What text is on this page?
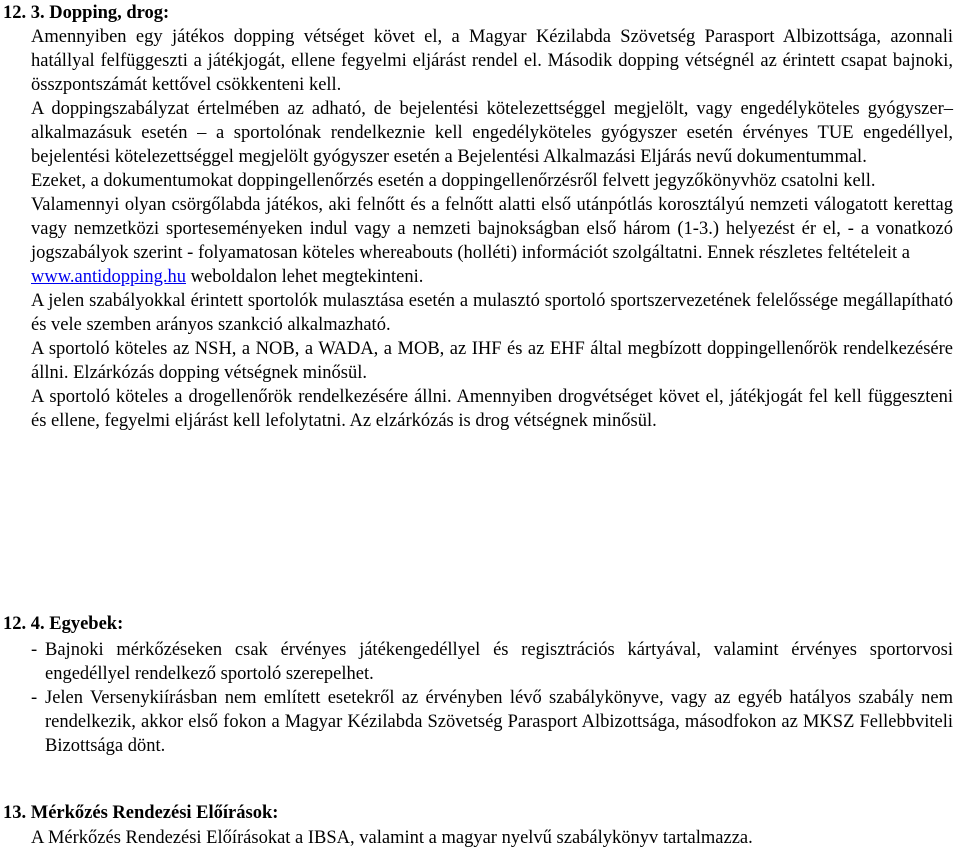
12. 3. Dopping, drog:

Amennyiben egy játékos dopping vétséget követ el, a Magyar Kézilabda Szövetség Parasport Albizottsága, azonnali hatállyal felfüggeszti a játékjogát, ellene fegyelmi eljárást rendel el. Második dopping vétségnél az érintett csapat bajnoki, összpontszámát kettővel csökkenteni kell.

A doppingszabályzat értelmében az adható, de bejelentési kötelezettséggel megjelölt, vagy engedélyköteles gyógyszer– alkalmazásuk esetén – a sportolónak rendelkeznie kell engedélyköteles gyógyszer esetén érvényes TUE engedéllyel, bejelentési kötelezettséggel megjelölt gyógyszer esetén a Bejelentési Alkalmazási Eljárás nevű dokumentummal.

Ezeket, a dokumentumokat doppingellenőrzés esetén a doppingellenőrzésről felvett jegyzőkönyvhöz csatolni kell.

Valamennyi olyan csörgőlabda játékos, aki felnőtt és a felnőtt alatti első utánpótlás korosztályú nemzeti válogatott kerettag vagy nemzetközi sporteseményeken indul vagy a nemzeti bajnokságban első három (1-3.) helyezést ér el, - a vonatkozó jogszabályok szerint - folyamatosan köteles whereabouts (holléti) információt szolgáltatni. Ennek részletes feltételeit a
www.antidopping.hu weboldalon lehet megtekinteni.

A jelen szabályokkal érintett sportolók mulasztása esetén a mulasztó sportoló sportszervezetének felelőssége megállapítható és vele szemben arányos szankció alkalmazható.

A sportoló köteles az NSH, a NOB, a WADA, a MOB, az IHF és az EHF által megbízott doppingellenőrök rendelkezésére állni. Elzárkózás dopping vétségnek minősül.

A sportoló köteles a drogellenőrök rendelkezésére állni. Amennyiben drogvétséget követ el, játékjogát fel kell függeszteni és ellene, fegyelmi eljárást kell lefolytatni. Az elzárkózás is drog vétségnek minősül.

12. 4. Egyebek:
- Bajnoki mérkőzéseken csak érvényes játékengedéllyel és regisztrációs kártyával, valamint érvényes sportorvosi engedéllyel rendelkező sportoló szerepelhet.
- Jelen Versenykiírásban nem említett esetekről az érvényben lévő szabálykönyve, vagy az egyéb hatályos szabály nem rendelkezik, akkor első fokon a Magyar Kézilabda Szövetség Parasport Albizottsága, másodfokon az MKSZ Fellebbviteli Bizottsága dönt.
13. Mérkőzés Rendezési Előírások:

A Mérkőzés Rendezési Előírásokat a IBSA, valamint a magyar nyelvű szabálykönyv tartalmazza.
